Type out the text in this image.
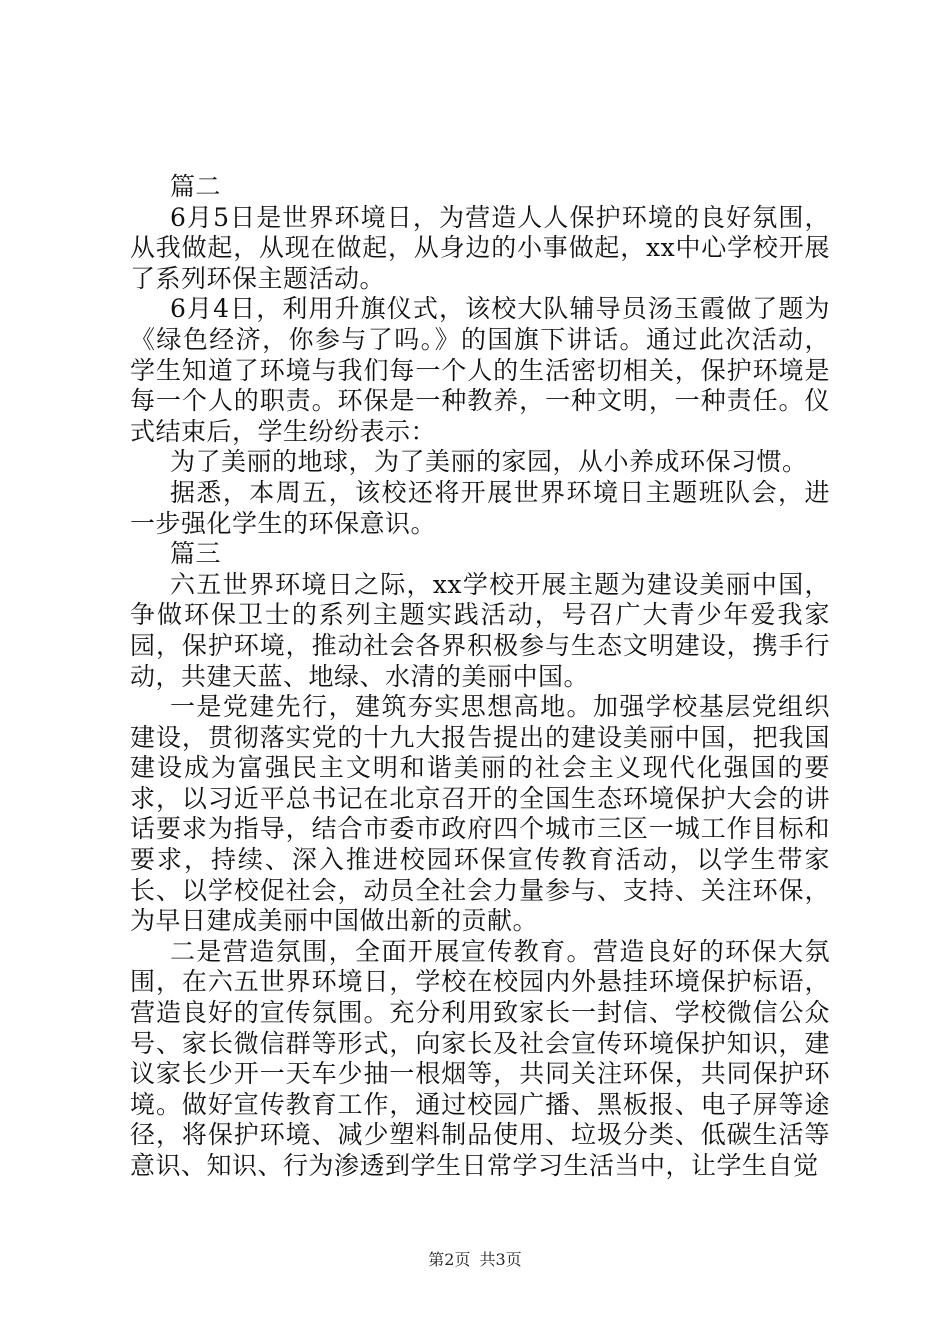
篇二

6月5日是世界环境日，为营造人人保护环境的良好氛围，从我做起，从现在做起，从身边的小事做起，xx中心学校开展了系列环保主题活动。

6月4日，利用升旗仪式，该校大队辅导员汤玉霞做了题为《绿色经济，你参与了吗。》的国旗下讲话。通过此次活动，学生知道了环境与我们每一个人的生活密切相关，保护环境是每一个人的职责。环保是一种教养，一种文明，一种责任。仪式结束后，学生纷纷表示：

为了美丽的地球，为了美丽的家园，从小养成环保习惯。

据悉，本周五，该校还将开展世界环境日主题班队会，进一步强化学生的环保意识。

篇三

六五世界环境日之际，xx学校开展主题为建设美丽中国，争做环保卫士的系列主题实践活动，号召广大青少年爱我家园，保护环境，推动社会各界积极参与生态文明建设，携手行动，共建天蓝、地绿、水清的美丽中国。

一是党建先行，建筑夯实思想高地。加强学校基层党组织建设，贯彻落实党的十九大报告提出的建设美丽中国，把我国建设成为富强民主文明和谐美丽的社会主义现代化强国的要求，以习近平总书记在北京召开的全国生态环境保护大会的讲话要求为指导，结合市委市政府四个城市三区一城工作目标和要求，持续、深入推进校园环保宣传教育活动，以学生带家长、以学校促社会，动员全社会力量参与、支持、关注环保，为早日建成美丽中国做出新的贡献。

二是营造氛围，全面开展宣传教育。营造良好的环保大氛围，在六五世界环境日，学校在校园内外悬挂环境保护标语，营造良好的宣传氛围。充分利用致家长一封信、学校微信公众号、家长微信群等形式，向家长及社会宣传环境保护知识，建议家长少开一天车少抽一根烟等，共同关注环保，共同保护环境。做好宣传教育工作，通过校园广播、黑板报、电子屏等途径，将保护环境、减少塑料制品使用、垃圾分类、低碳生活等意识、知识、行为渗透到学生日常学习生活当中，让学生自觉

第2页 共3页
